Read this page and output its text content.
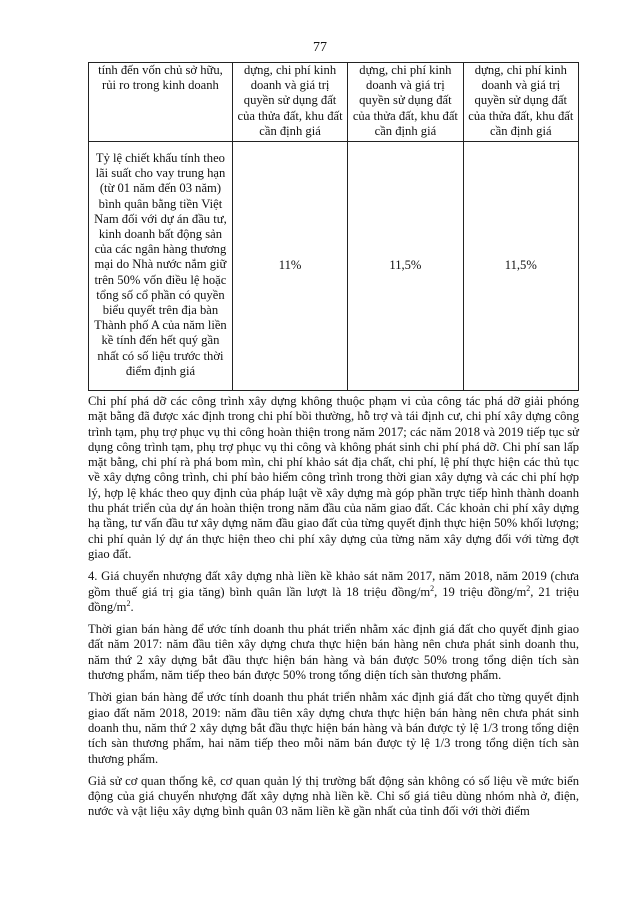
77
tính đến vốn chủ sở hữu, rủi ro trong kinh doanh	dựng, chi phí kinh doanh và giá trị quyền sử dụng đất của thửa đất, khu đất cần định giá	dựng, chi phí kinh doanh và giá trị quyền sử dụng đất của thửa đất, khu đất cần định giá	dựng, chi phí kinh doanh và giá trị quyền sử dụng đất của thửa đất, khu đất cần định giá
Tỷ lệ chiết khấu tính theo lãi suất cho vay trung hạn (từ 01 năm đến 03 năm) bình quân bằng tiền Việt Nam đối với dự án đầu tư, kinh doanh bất động sản của các ngân hàng thương mại do Nhà nước nắm giữ trên 50% vốn điều lệ hoặc tổng số cổ phần có quyền biểu quyết trên địa bàn Thành phố A của năm liền kề tính đến hết quý gần nhất có số liệu trước thời điểm định giá	11%	11,5%	11,5%

Chi phí phá dỡ các công trình xây dựng không thuộc phạm vi của công tác phá dỡ giải phóng mặt bằng đã được xác định trong chi phí bồi thường, hỗ trợ và tái định cư, chi phí xây dựng công trình tạm, phụ trợ phục vụ thi công hoàn thiện trong năm 2017; các năm 2018 và 2019 tiếp tục sử dụng công trình tạm, phụ trợ phục vụ thi công và không phát sinh chi phí phá dỡ. Chi phí san lấp mặt bằng, chi phí rà phá bom mìn, chi phí khảo sát địa chất, chi phí, lệ phí thực hiện các thủ tục về xây dựng công trình, chi phí bảo hiểm công trình trong thời gian xây dựng và các chi phí hợp lý, hợp lệ khác theo quy định của pháp luật về xây dựng mà góp phần trực tiếp hình thành doanh thu phát triển của dự án hoàn thiện trong năm đầu của năm giao đất. Các khoản chi phí xây dựng hạ tầng, tư vấn đầu tư xây dựng năm đầu giao đất của từng quyết định thực hiện 50% khối lượng; chi phí quản lý dự án thực hiện theo chi phí xây dựng của từng năm xây dựng đối với từng đợt giao đất.

4. Giá chuyển nhượng đất xây dựng nhà liền kề khảo sát năm 2017, năm 2018, năm 2019 (chưa gồm thuế giá trị gia tăng) bình quân lần lượt là 18 triệu đồng/$m^2$, 19 triệu đồng/$m^2$, 21 triệu đồng/$m^2$.

Thời gian bán hàng để ước tính doanh thu phát triển nhằm xác định giá đất cho quyết định giao đất năm 2017: năm đầu tiên xây dựng chưa thực hiện bán hàng nên chưa phát sinh doanh thu, năm thứ 2 xây dựng bắt đầu thực hiện bán hàng và bán được 50% trong tổng diện tích sàn thương phẩm, năm tiếp theo bán được 50% trong tổng diện tích sàn thương phẩm.

Thời gian bán hàng để ước tính doanh thu phát triển nhằm xác định giá đất cho từng quyết định giao đất năm 2018, 2019: năm đầu tiên xây dựng chưa thực hiện bán hàng nên chưa phát sinh doanh thu, năm thứ 2 xây dựng bắt đầu thực hiện bán hàng và bán được tỷ lệ 1/3 trong tổng diện tích sàn thương phẩm, hai năm tiếp theo mỗi năm bán được tỷ lệ 1/3 trong tổng diện tích sàn thương phẩm.

Giả sử cơ quan thống kê, cơ quan quản lý thị trường bất động sản không có số liệu về mức biến động của giá chuyển nhượng đất xây dựng nhà liền kề. Chỉ số giá tiêu dùng nhóm nhà ở, điện, nước và vật liệu xây dựng bình quân 03 năm liền kề gần nhất của tỉnh đối với thời điểm
